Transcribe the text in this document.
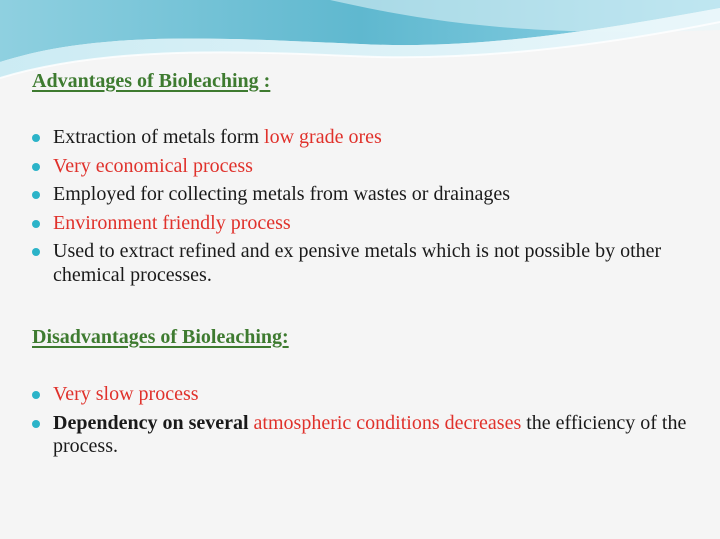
Advantages of Bioleaching :
Extraction of metals form low grade ores
Very economical process
Employed for collecting metals from wastes or drainages
Environment friendly process
Used to extract refined and ex pensive metals which is not possible by other chemical processes.
Disadvantages of Bioleaching:
Very slow process
Dependency on several atmospheric conditions decreases the efficiency of the process.
